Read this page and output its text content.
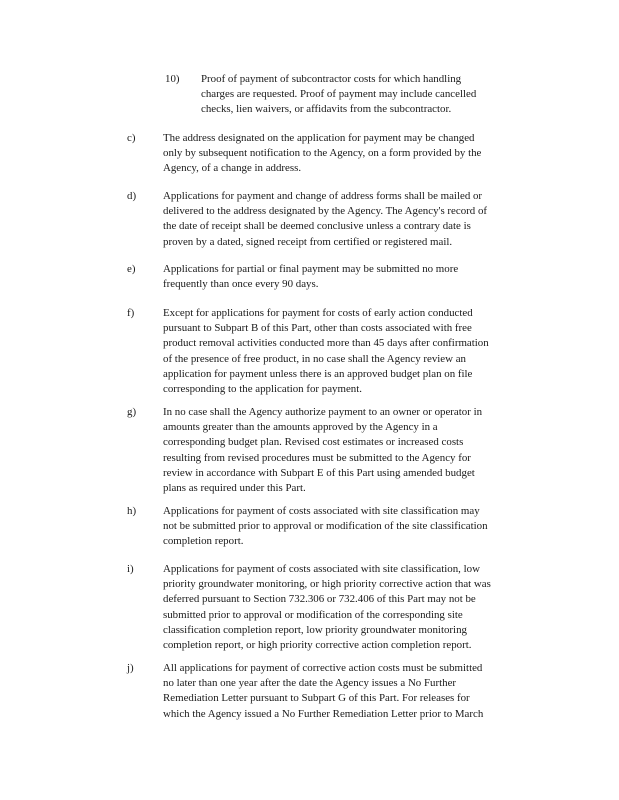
10) Proof of payment of subcontractor costs for which handling
charges are requested. Proof of payment may include cancelled
checks, lien waivers, or affidavits from the subcontractor.
c)	The address designated on the application for payment may be changed
only by subsequent notification to the Agency, on a form provided by the
Agency, of a change in address.
d) Applications for payment and change of address forms shall be mailed or
delivered to the address designated by the Agency. The Agency's record of
the date of receipt shall be deemed conclusive unless a contrary date is
proven by a dated, signed receipt from certified or registered mail.
e)	Applications for partial or final payment may be submitted no more
frequently than once every 90 days.
f)	Except for applications for payment for costs of early action conducted
pursuant to Subpart B of this Part, other than costs associated with free
product removal activities conducted more than 45 days after confirmation
of the presence of free product, in no case shall the Agency review an
application for payment unless there is an approved budget plan on file
corresponding to the application for payment.
g) In no case shall the Agency authorize payment to an owner or operator in
amounts greater than the amounts approved by the Agency in a
corresponding budget plan. Revised cost estimates or increased costs
resulting from revised procedures must be submitted to the Agency for
review in accordance with Subpart E of this Part using amended budget
plans as required under this Part.
h) Applications for payment of costs associated with site classification may
not be submitted prior to approval or modification of the site classification
completion report.
i)	Applications for payment of costs associated with site classification, low
priority groundwater monitoring, or high priority corrective action that was
deferred pursuant to Section 732.306 or 732.406 of this Part may not be
submitted prior to approval or modification of the corresponding site
classification completion report, low priority groundwater monitoring
completion report, or high priority corrective action completion report.
j)	All applications for payment of corrective action costs must be submitted
no later than one year after the date the Agency issues a No Further
Remediation Letter pursuant to Subpart G of this Part. For releases for
which the Agency issued a No Further Remediation Letter prior to March
